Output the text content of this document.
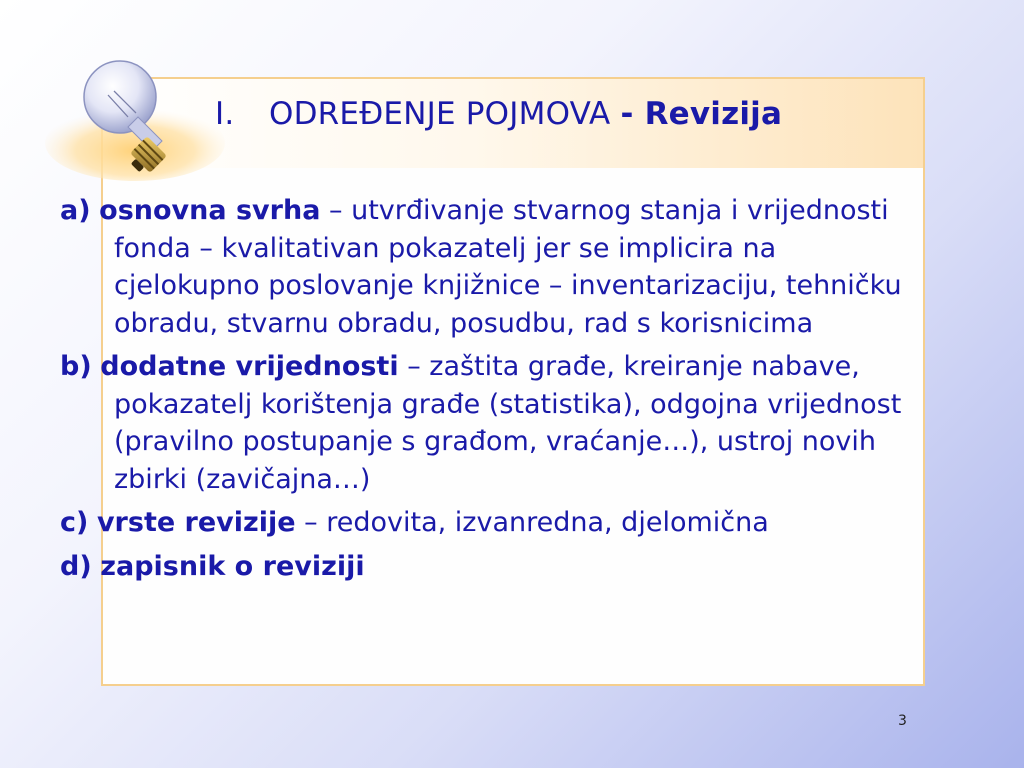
I. ODREĐENJE POJMOVA - Revizija
a) osnovna svrha – utvrđivanje stvarnog stanja i vrijednosti fonda – kvalitativan pokazatelj jer se implicira na cjelokupno poslovanje knjižnice – inventarizaciju, tehničku obradu, stvarnu obradu, posudbu, rad s korisnicima
b) dodatne vrijednosti – zaštita građe, kreiranje nabave, pokazatelj korištenja građe (statistika), odgojna vrijednost (pravilno postupanje s građom, vraćanje…), ustroj novih zbirki (zavičajna…)
c) vrste revizije – redovita, izvanredna, djelomična
d) zapisnik o reviziji
3
